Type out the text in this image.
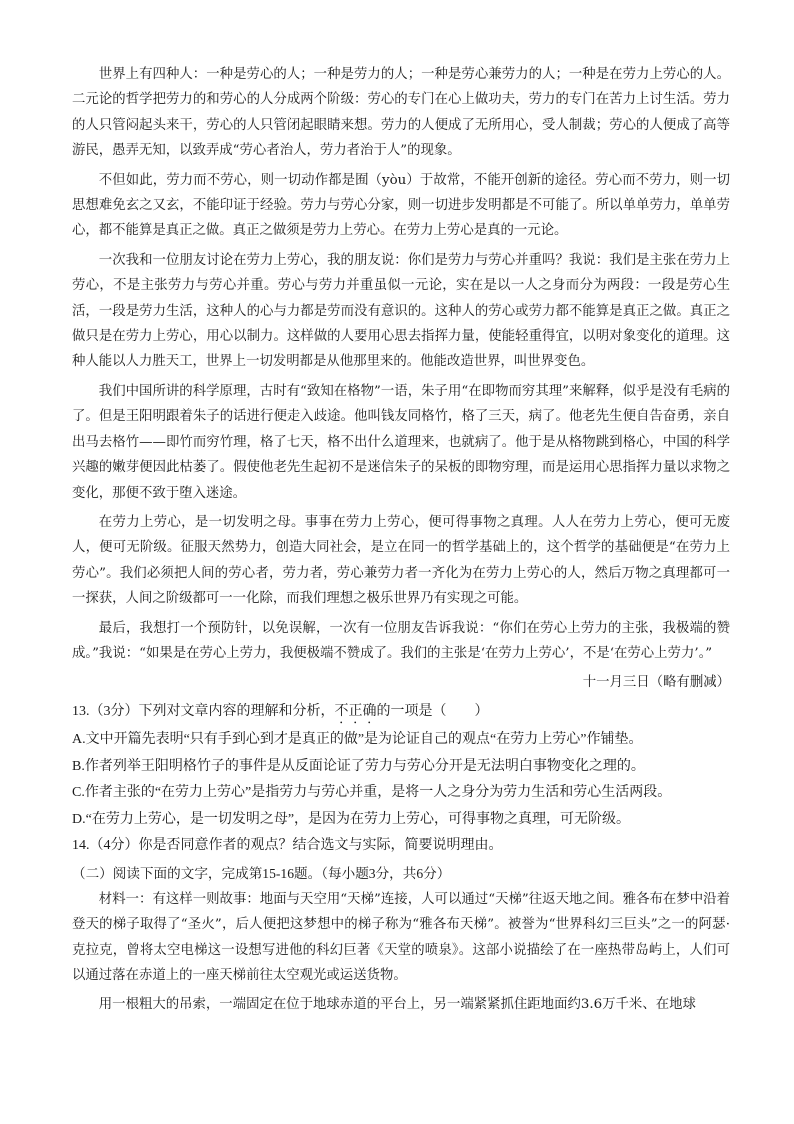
世界上有四种人：一种是劳心的人；一种是劳力的人；一种是劳心兼劳力的人；一种是在劳力上劳心的人。二元论的哲学把劳力的和劳心的人分成两个阶级：劳心的专门在心上做功夫，劳力的专门在苦力上讨生活。劳力的人只管闷起头来干，劳心的人只管闭起眼睛来想。劳力的人便成了无所用心，受人制裁；劳心的人便成了高等游民，愚弄无知，以致弄成“劳心者治人，劳力者治于人”的现象。

不但如此，劳力而不劳心，则一切动作都是囿（yòu）于故常，不能开创新的途径。劳心而不劳力，则一切思想难免玄之又玄，不能印证于经验。劳力与劳心分家，则一切进步发明都是不可能了。所以单单劳力，单单劳心，都不能算是真正之做。真正之做须是劳力上劳心。在劳力上劳心是真的一元论。

一次我和一位朋友讨论在劳力上劳心，我的朋友说：你们是劳力与劳心并重吗？我说：我们是主张在劳力上劳心，不是主张劳力与劳心并重。劳心与劳力并重虽似一元论，实在是以一人之身而分为两段：一段是劳心生活，一段是劳力生活，这种人的心与力都是劳而没有意识的。这种人的劳心或劳力都不能算是真正之做。真正之做只是在劳力上劳心，用心以制力。这样做的人要用心思去指挥力量，使能轻重得宜，以明对象变化的道理。这种人能以人力胜天工，世界上一切发明都是从他那里来的。他能改造世界，叫世界变色。

我们中国所讲的科学原理，古时有“致知在格物”一语，朱子用“在即物而穷其理”来解释，似乎是没有毛病的了。但是王阳明跟着朱子的话进行便走入歧途。他叫钱友同格竹，格了三天，病了。他老先生便自告奋勇，亲自出马去格竹——即竹而穷竹理，格了七天，格不出什么道理来，也就病了。他于是从格物跳到格心，中国的科学兴趣的嫩芽便因此枯萎了。假使他老先生起初不是迷信朱子的呆板的即物穷理，而是运用心思指挥力量以求物之变化，那便不致于堕入迷途。

在劳力上劳心，是一切发明之母。事事在劳力上劳心，便可得事物之真理。人人在劳力上劳心，便可无废人，便可无阶级。征服天然势力，创造大同社会，是立在同一的哲学基础上的，这个哲学的基础便是“在劳力上劳心”。我们必须把人间的劳心者，劳力者，劳心兼劳力者一齐化为在劳力上劳心的人，然后万物之真理都可一一探获，人间之阶级都可一一化除，而我们理想之极乐世界乃有实现之可能。

最后，我想打一个预防针，以免误解，一次有一位朋友告诉我说：“你们在劳心上劳力的主张，我极端的赞成。”我说：“如果是在劳心上劳力，我便极端不赞成了。我们的主张是‘在劳力上劳心’，不是‘在劳心上劳力’。”

十一月三日（略有删减）

13.（3分）下列对文章内容的理解和分析，不正确的一项是（　　）

A.文中开篇先表明“只有手到心到才是真正的做”是为论证自己的观点“在劳力上劳心”作铺垫。

B.作者列举王阳明格竹子的事件是从反面论证了劳力与劳心分开是无法明白事物变化之理的。

C.作者主张的“在劳力上劳心”是指劳力与劳心并重，是将一人之身分为劳力生活和劳心生活两段。

D.“在劳力上劳心，是一切发明之母”，是因为在劳力上劳心，可得事物之真理，可无阶级。

14.（4分）你是否同意作者的观点？结合选文与实际，简要说明理由。

（二）阅读下面的文字，完成第15-16题。（每小题3分，共6分）

材料一：有这样一则故事：地面与天空用“天梯”连接，人可以通过“天梯”往返天地之间。雅各布在梦中沿着登天的梯子取得了“圣火”，后人便把这梦想中的梯子称为“雅各布天梯”。被誉为“世界科幻三巨头”之一的阿瑟·克拉克，曾将太空电梯这一设想写进他的科幻巨著《天堂的喷泉》。这部小说描绘了在一座热带岛屿上，人们可以通过落在赤道上的一座天梯前往太空观光或运送货物。

用一根粗大的吊索，一端固定在位于地球赤道的平台上，另一端紧紧抓住距地面约3.6万千米、在地球
